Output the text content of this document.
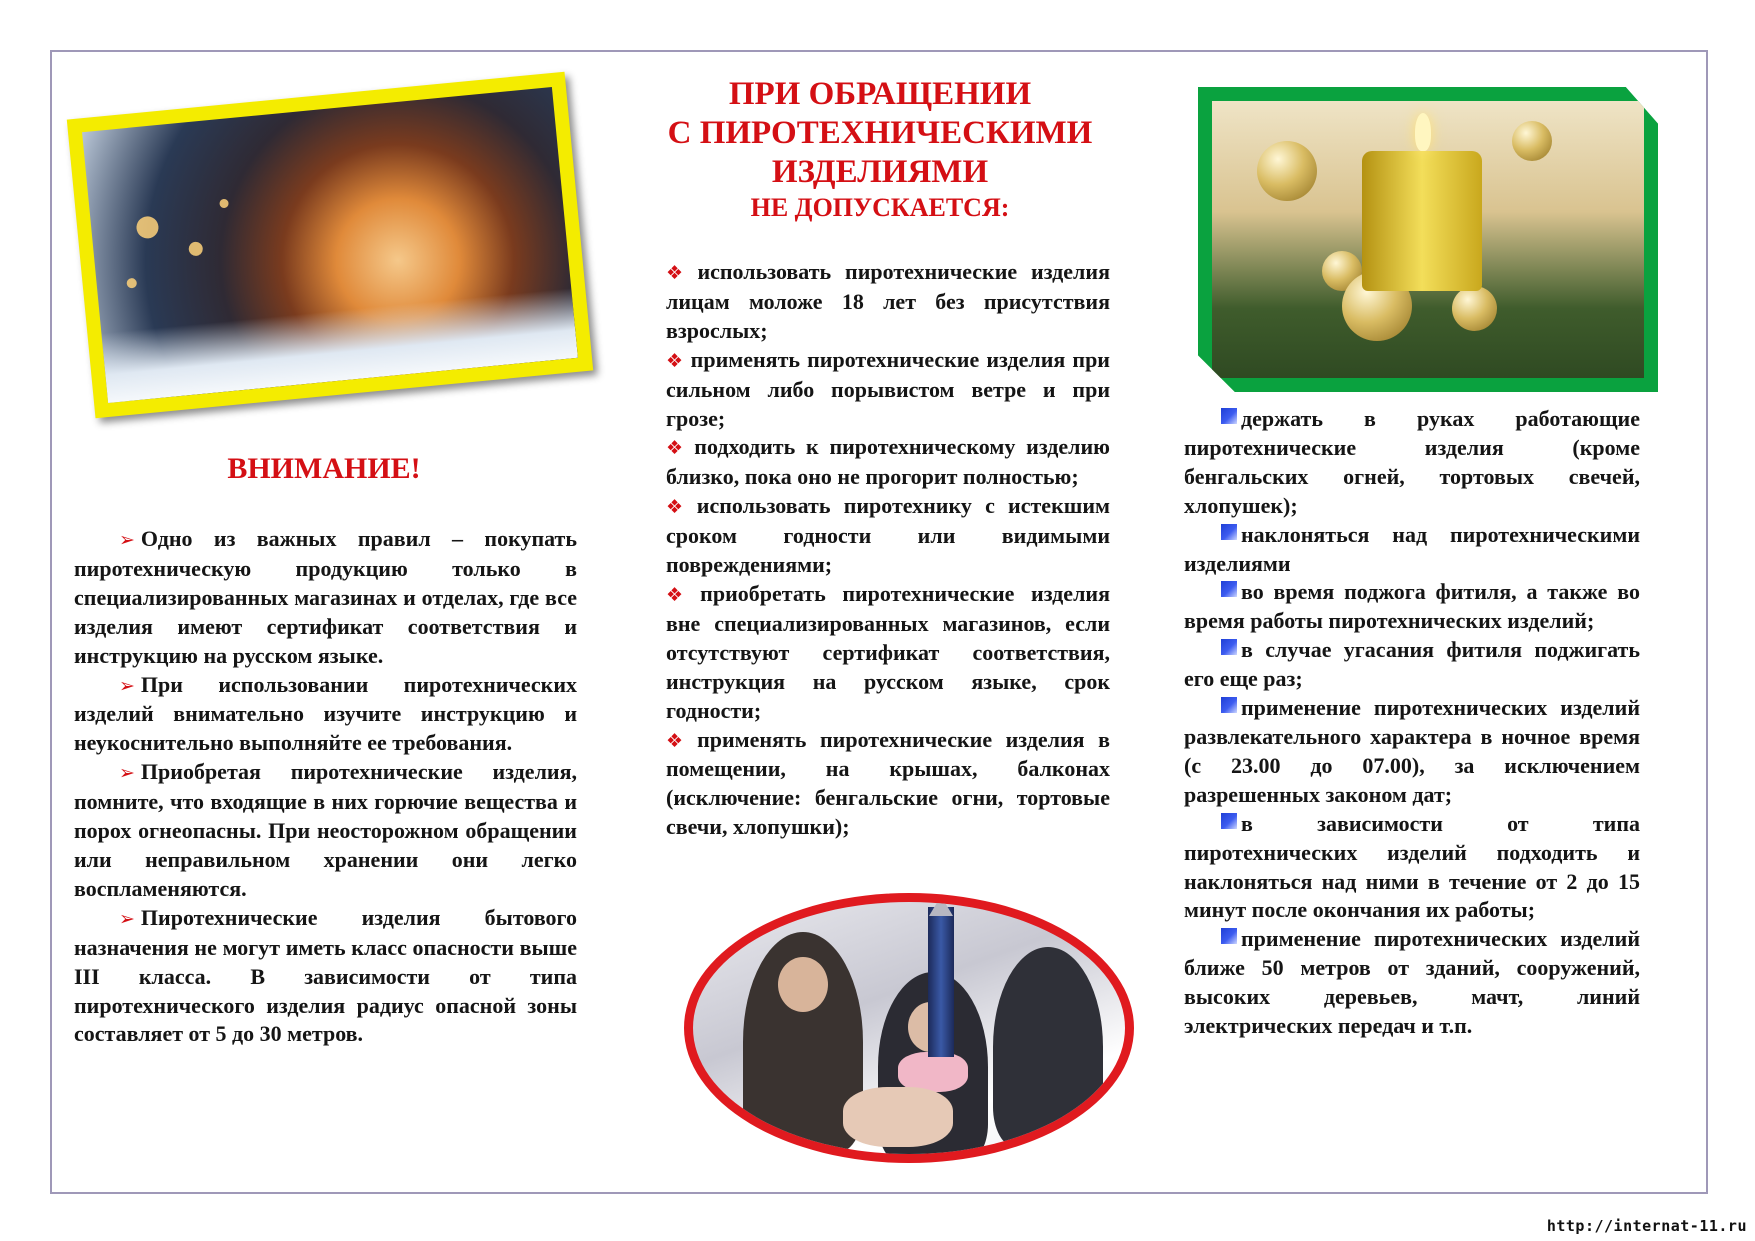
ВНИМАНИЕ!

➢ Одно из важных правил – покупать пиротехническую продукцию только в специализированных магазинах и отделах, где все изделия имеют сертификат соответствия и инструкцию на русском языке.

➢ При использовании пиротехнических изделий внимательно изучите инструкцию и неукоснительно выполняйте ее требования.

➢ Приобретая пиротехнические изделия, помните, что входящие в них горючие вещества и порох огнеопасны. При неосторожном обращении или неправильном хранении они легко воспламеняются.

➢ Пиротехнические изделия бытового назначения не могут иметь класс опасности выше III класса. В зависимости от типа пиротехнического изделия радиус опасной зоны составляет от 5 до 30 метров.

ПРИ ОБРАЩЕНИИ
С ПИРОТЕХНИЧЕСКИМИ
ИЗДЕЛИЯМИ
НЕ ДОПУСКАЕТСЯ:

❖ использовать пиротехнические изделия лицам моложе 18 лет без присутствия взрослых;

❖ применять пиротехнические изделия при сильном либо порывистом ветре и при грозе;

❖ подходить к пиротехническому изделию близко, пока оно не прогорит полностью;

❖ использовать пиротехнику с истекшим сроком годности или видимыми повреждениями;

❖ приобретать пиротехнические изделия вне специализированных магазинов, если отсутствуют сертификат соответствия, инструкция на русском языке, срок годности;

❖ применять пиротехнические изделия в помещении, на крышах, балконах (исключение: бенгальские огни, тортовые свечи, хлопушки);

держать в руках работающие пиротехнические изделия (кроме бенгальских огней, тортовых свечей, хлопушек);

наклоняться над пиротехническими изделиями

во время поджога фитиля, а также во время работы пиротехнических изделий;

в случае угасания фитиля поджигать его еще раз;

применение пиротехнических изделий развлекательного характера в ночное время (с 23.00 до 07.00), за исключением разрешенных законом дат;

в зависимости от типа пиротехнических изделий подходить и наклоняться над ними в течение от 2 до 15 минут после окончания их работы;

применение пиротехнических изделий ближе 50 метров от зданий, сооружений, высоких деревьев, мачт, линий электрических передач и т.п.

http://internat-11.ru
